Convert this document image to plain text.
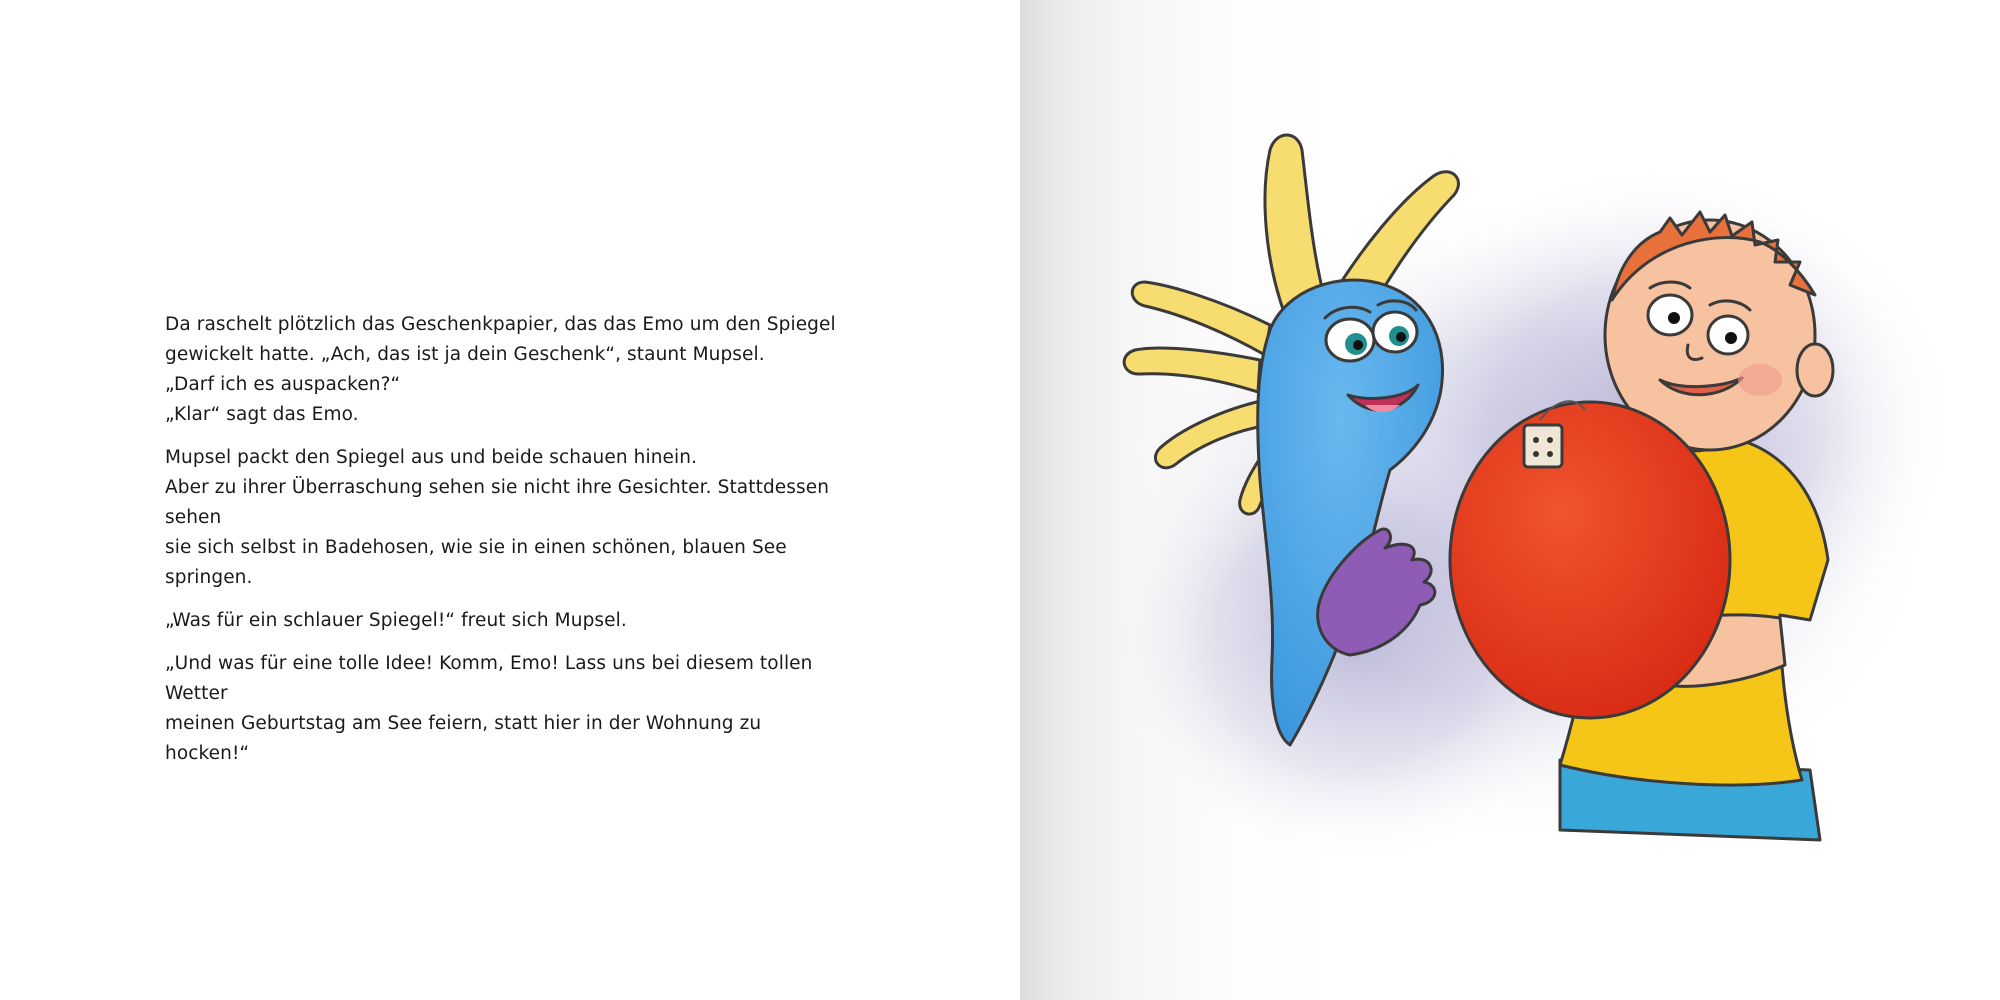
Da raschelt plötzlich das Geschenkpapier, das das Emo um den Spiegel
gewickelt hatte. „Ach, das ist ja dein Geschenk“, staunt Mupsel.
„Darf ich es auspacken?“
„Klar“ sagt das Emo.

Mupsel packt den Spiegel aus und beide schauen hinein.
Aber zu ihrer Überraschung sehen sie nicht ihre Gesichter. Stattdessen sehen
sie sich selbst in Badehosen, wie sie in einen schönen, blauen See springen.

„Was für ein schlauer Spiegel!“ freut sich Mupsel.

„Und was für eine tolle Idee! Komm, Emo! Lass uns bei diesem tollen Wetter
meinen Geburtstag am See feiern, statt hier in der Wohnung zu hocken!“
